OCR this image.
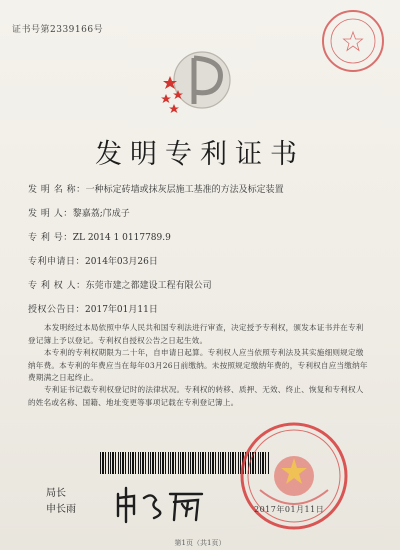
证书号第2339166号
发明专利证书
发 明 名 称：一种标定砖墙或抹灰层施工基准的方法及标定装置
发 明 人：黎嘉荔;邝成子
专 利 号：ZL 2014 1 0117789.9
专利申请日：2014年03月26日
专 利 权 人：东莞市建之都建设工程有限公司
授权公告日：2017年01月11日
本发明经过本局依照中华人民共和国专利法进行审查，决定授予专利权，颁发本证书并在专利登记簿上予以登记。专利权自授权公告之日起生效。
本专利的专利权期限为二十年，自申请日起算。专利权人应当依照专利法及其实施细则规定缴纳年费。本专利的年费应当在每年03月26日前缴纳。未按照规定缴纳年费的，专利权自应当缴纳年费期满之日起终止。
专利证书记载专利权登记时的法律状况。专利权的转移、质押、无效、终止、恢复和专利权人的姓名或名称、国籍、地址变更等事项记载在专利登记簿上。
局长
申长雨	2017年01月11日
第1页（共1页）
